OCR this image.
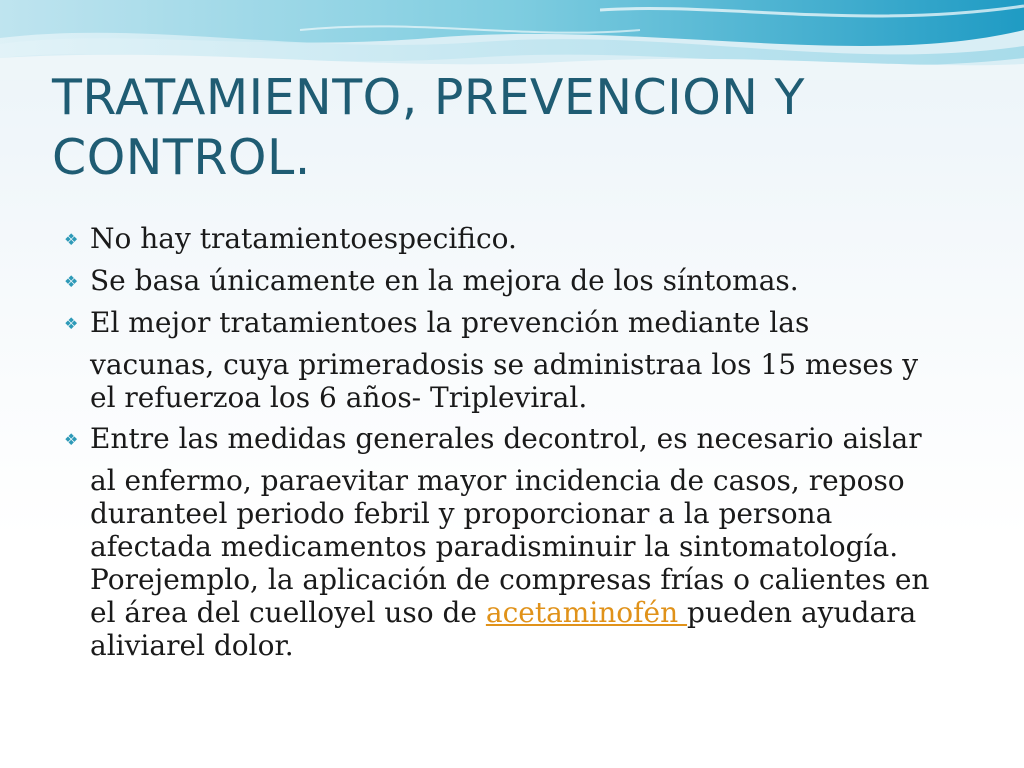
TRATAMIENTO, PREVENCION Y
CONTROL.
❖ No hay tratamientoespecifico.
❖ Se basa únicamente en la mejora de los síntomas.
❖ El mejor tratamientoes la prevención mediante las
vacunas, cuya primeradosis se administraa los 15 meses y
el refuerzoa los 6 años- Tripleviral.
❖ Entre las medidas generales decontrol, es necesario aislar
al enfermo, paraevitar mayor incidencia de casos, reposo
duranteel periodo febril y proporcionar a la persona
afectada medicamentos paradisminuir la sintomatología.
Porejemplo, la aplicación de compresas frías o calientes en
el área del cuelloyel uso de acetaminofén pueden ayudara
aliviarel dolor.
